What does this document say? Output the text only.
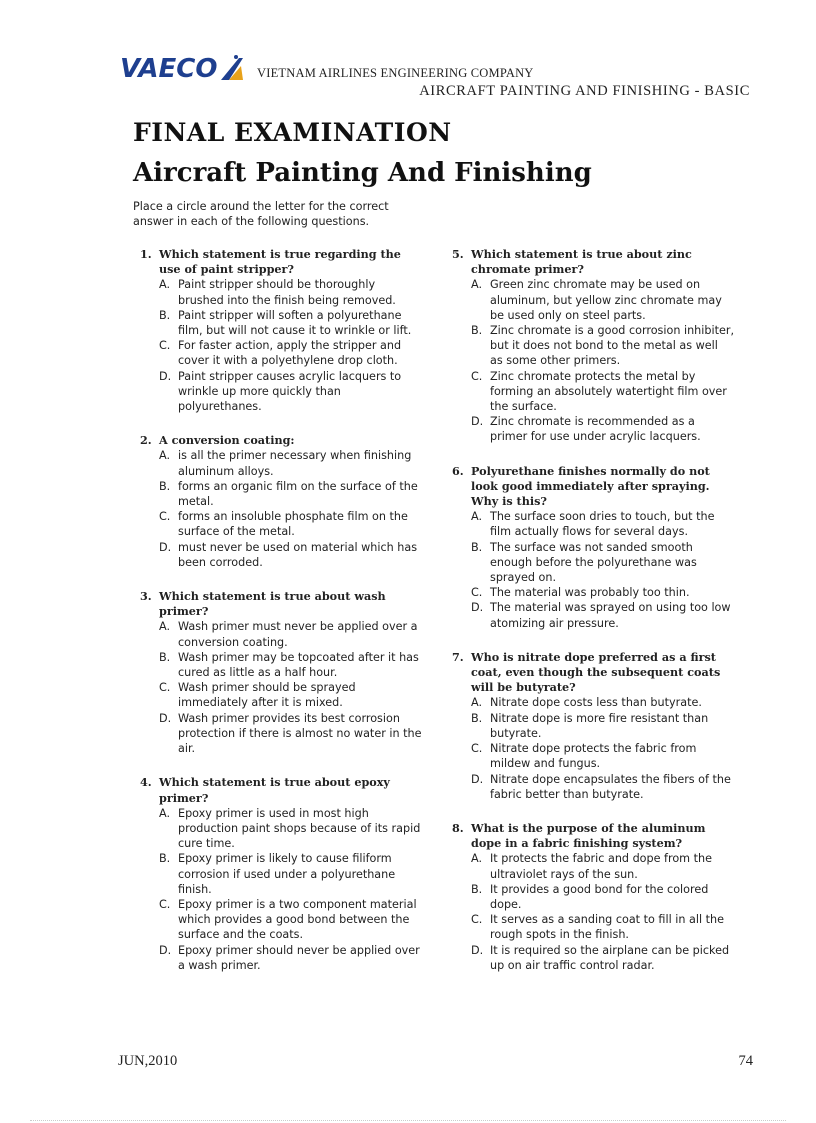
VAECO	VIETNAM AIRLINES ENGINEERING COMPANY
AIRCRAFT PAINTING AND FINISHING - BASIC
FINAL EXAMINATION
Aircraft Painting And Finishing
Place a circle around the letter for the correct answer in each of the following questions.
1. Which statement is true regarding the use of paint stripper?
A. Paint stripper should be thoroughly brushed into the finish being removed.
B. Paint stripper will soften a polyurethane film, but will not cause it to wrinkle or lift.
C. For faster action, apply the stripper and cover it with a polyethylene drop cloth.
D. Paint stripper causes acrylic lacquers to wrinkle up more quickly than polyurethanes.
2. A conversion coating:
A. is all the primer necessary when finishing aluminum alloys.
B. forms an organic film on the surface of the metal.
C. forms an insoluble phosphate film on the surface of the metal.
D. must never be used on material which has been corroded.
3. Which statement is true about wash primer?
A. Wash primer must never be applied over a conversion coating.
B. Wash primer may be topcoated after it has cured as little as a half hour.
C. Wash primer should be sprayed immediately after it is mixed.
D. Wash primer provides its best corrosion protection if there is almost no water in the air.
4. Which statement is true about epoxy primer?
A. Epoxy primer is used in most high production paint shops because of its rapid cure time.
B. Epoxy primer is likely to cause filiform corrosion if used under a polyurethane finish.
C. Epoxy primer is a two component material which provides a good bond between the surface and the coats.
D. Epoxy primer should never be applied over a wash primer.
5. Which statement is true about zinc chromate primer?
A. Green zinc chromate may be used on aluminum, but yellow zinc chromate may be used only on steel parts.
B. Zinc chromate is a good corrosion inhibiter, but it does not bond to the metal as well as some other primers.
C. Zinc chromate protects the metal by forming an absolutely watertight film over the surface.
D. Zinc chromate is recommended as a primer for use under acrylic lacquers.
6. Polyurethane finishes normally do not look good immediately after spraying. Why is this?
A. The surface soon dries to touch, but the film actually flows for several days.
B. The surface was not sanded smooth enough before the polyurethane was sprayed on.
C. The material was probably too thin.
D. The material was sprayed on using too low atomizing air pressure.
7. Who is nitrate dope preferred as a first coat, even though the subsequent coats will be butyrate?
A. Nitrate dope costs less than butyrate.
B. Nitrate dope is more fire resistant than butyrate.
C. Nitrate dope protects the fabric from mildew and fungus.
D. Nitrate dope encapsulates the fibers of the fabric better than butyrate.
8. What is the purpose of the aluminum dope in a fabric finishing system?
A. It protects the fabric and dope from the ultraviolet rays of the sun.
B. It provides a good bond for the colored dope.
C. It serves as a sanding coat to fill in all the rough spots in the finish.
D. It is required so the airplane can be picked up on air traffic control radar.
JUN,2010	74
